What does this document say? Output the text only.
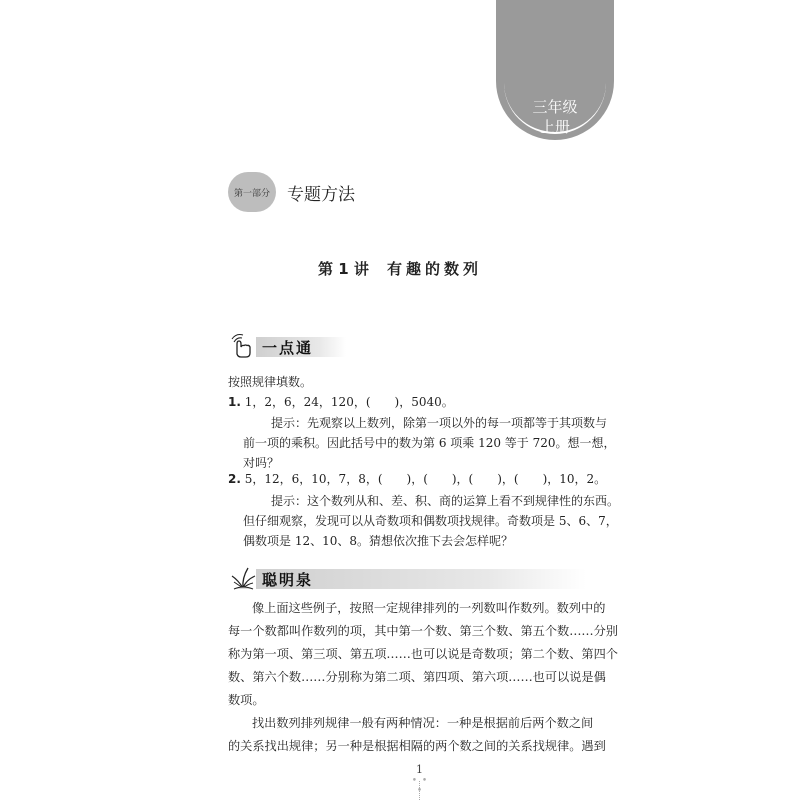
三年级
上册
第一部分	专题方法
第 1 讲 有趣的数列
一点通
按照规律填数。
1. 1，2，6，24，120，(　　)，5040。
提示：先观察以上数列，除第一项以外的每一项都等于其项数与
前一项的乘积。因此括号中的数为第 6 项乘 120 等于 720。想一想，
对吗？
2. 5，12，6，10，7，8，(　　)，(　　)，(　　)，(　　)，10，2。
提示：这个数列从和、差、积、商的运算上看不到规律性的东西。
但仔细观察，发现可以从奇数项和偶数项找规律。奇数项是 5、6、7，
偶数项是 12、10、8。猜想依次推下去会怎样呢？
聪明泉
像上面这些例子，按照一定规律排列的一列数叫作数列。数列中的
每一个数都叫作数列的项，其中第一个数、第三个数、第五个数……分别
称为第一项、第三项、第五项……也可以说是奇数项；第二个数、第四个
数、第六个数……分别称为第二项、第四项、第六项……也可以说是偶
数项。
找出数列排列规律一般有两种情况：一种是根据前后两个数之间
的关系找出规律；另一种是根据相隔的两个数之间的关系找规律。遇到
1
• • •
